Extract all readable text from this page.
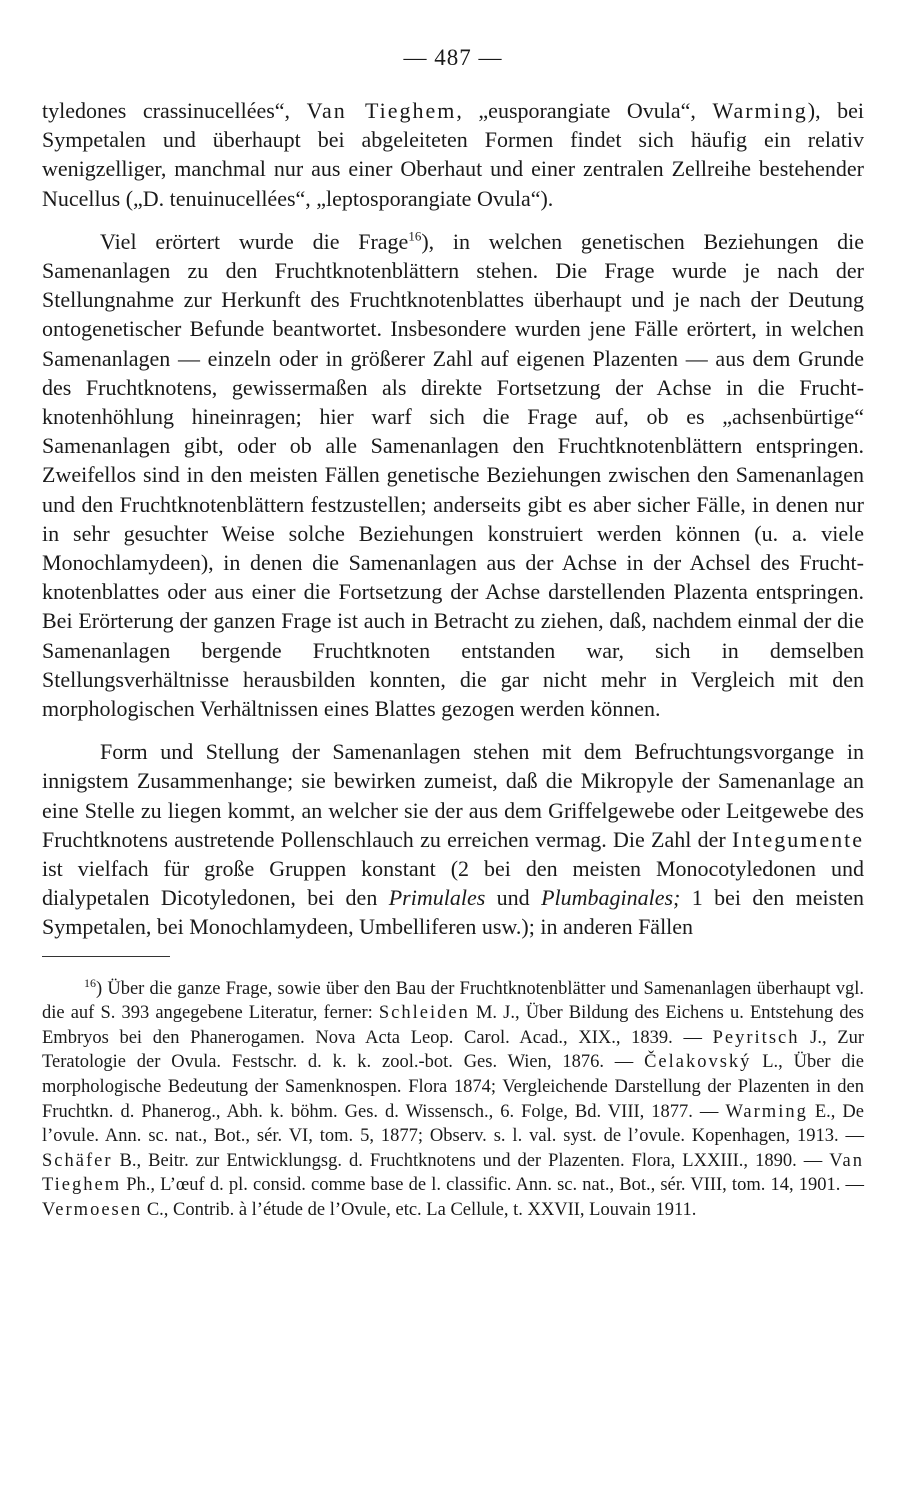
— 487 —

tyledones crassinucellées“, Van Tieghem, „eusporangiate Ovula“, Warming), bei Sympetalen und überhaupt bei abgeleiteten Formen findet sich häufig ein relativ wenigzelliger, manchmal nur aus einer Oberhaut und einer zentralen Zellreihe bestehender Nucellus („D. tenuinucellées“, „leptosporangiate Ovula“).

Viel erörtert wurde die Frage$^{16}$), in welchen genetischen Beziehungen die Samenanlagen zu den Fruchtknotenblättern stehen. Die Frage wurde je nach der Stellungnahme zur Herkunft des Fruchtknotenblattes überhaupt und je nach der Deutung ontogenetischer Befunde beantwortet. Insbesondere wurden jene Fälle erörtert, in welchen Samenanlagen — einzeln oder in größerer Zahl auf eigenen Plazenten — aus dem Grunde des Fruchtknotens, gewissermaßen als direkte Fortsetzung der Achse in die Fruchtknotenhöhlung hineinragen; hier warf sich die Frage auf, ob es „achsenbürtige“ Samenanlagen gibt, oder ob alle Samenanlagen den Fruchtknotenblättern entspringen. Zweifellos sind in den meisten Fällen genetische Beziehungen zwischen den Samenanlagen und den Fruchtknotenblättern festzustellen; anderseits gibt es aber sicher Fälle, in denen nur in sehr gesuchter Weise solche Beziehungen konstruiert werden können (u. a. viele Monochlamydeen), in denen die Samenanlagen aus der Achse in der Achsel des Fruchtknotenblattes oder aus einer die Fortsetzung der Achse darstellenden Plazenta entspringen. Bei Erörterung der ganzen Frage ist auch in Betracht zu ziehen, daß, nachdem einmal der die Samenanlagen bergende Fruchtknoten entstanden war, sich in demselben Stellungsverhältnisse herausbilden konnten, die gar nicht mehr in Vergleich mit den morphologischen Verhältnissen eines Blattes gezogen werden können.

Form und Stellung der Samenanlagen stehen mit dem Befruchtungsvorgange in innigstem Zusammenhange; sie bewirken zumeist, daß die Mikropyle der Samenanlage an eine Stelle zu liegen kommt, an welcher sie der aus dem Griffelgewebe oder Leitgewebe des Fruchtknotens austretende Pollenschlauch zu erreichen vermag. Die Zahl der Integumente ist vielfach für große Gruppen konstant (2 bei den meisten Monocotyledonen und dialypetalen Dicotyledonen, bei den Primulales und Plumbaginales; 1 bei den meisten Sympetalen, bei Monochlamydeen, Umbelliferen usw.); in anderen Fällen

$^{16}$) Über die ganze Frage, sowie über den Bau der Fruchtknotenblätter und Samenanlagen überhaupt vgl. die auf S. 393 angegebene Literatur, ferner: Schleiden M. J., Über Bildung des Eichens u. Entstehung des Embryos bei den Phanerogamen. Nova Acta Leop. Carol. Acad., XIX., 1839. — Peyritsch J., Zur Teratologie der Ovula. Festschr. d. k. k. zool.-bot. Ges. Wien, 1876. — Čelakovský L., Über die morphologische Bedeutung der Samenknospen. Flora 1874; Vergleichende Darstellung der Plazenten in den Fruchtkn. d. Phanerog., Abh. k. böhm. Ges. d. Wissensch., 6. Folge, Bd. VIII, 1877. — Warming E., De l’ovule. Ann. sc. nat., Bot., sér. VI, tom. 5, 1877; Observ. s. l. val. syst. de l’ovule. Kopenhagen, 1913. — Schäfer B., Beitr. zur Entwicklungsg. d. Fruchtknotens und der Plazenten. Flora, LXXIII., 1890. — Van Tieghem Ph., L’œuf d. pl. consid. comme base de l. classific. Ann. sc. nat., Bot., sér. VIII, tom. 14, 1901. — Vermoesen C., Contrib. à l’étude de l’Ovule, etc. La Cellule, t. XXVII, Louvain 1911.
